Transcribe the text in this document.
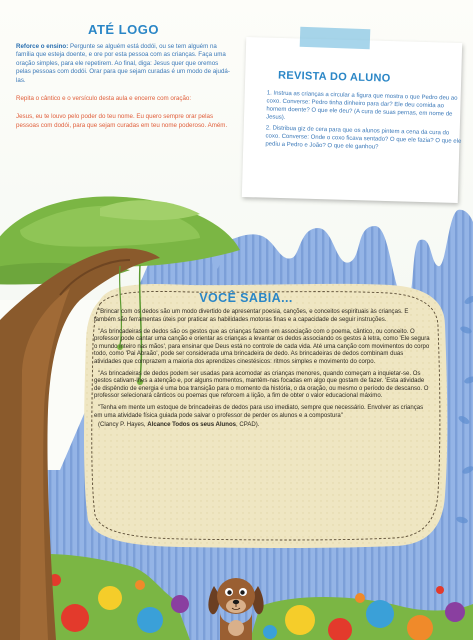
ATÉ LOGO

Reforce o ensino: Pergunte se alguém está dodói, ou se tem alguém na família que esteja doente, e ore por esta pessoa com as crianças. Faça uma oração simples, para ele repetirem. Ao final, diga: Jesus quer que oremos pelas pessoas com dodói. Orar para que sejam curadas é um modo de ajudá-las.

Repita o cântico e o versículo desta aula e encerre com oração:

Jesus, eu te louvo pelo poder do teu nome. Eu quero sempre orar pelas pessoas com dodói, para que sejam curadas em teu nome poderoso. Amém.

REVISTA DO ALUNO
1. Instrua as crianças a circular a figura que mostra o que Pedro deu ao coxo. Converse: Pedro tinha dinheiro para dar? Ele deu comida ao homem doente? O que ele deu? (A cura de suas pernas, em nome de Jesus).
2. Distribua giz de cera para que os alunos pintem a cena da cura do coxo. Converse: Onde o coxo ficava sentado? O que ele fazia? O que ele pediu a Pedro e João? O que ele ganhou?
VOCÊ SABIA...

"Brincar com os dedos são um modo divertido de apresentar poesia, canções, e conceitos espirituais às crianças. E também são ferramentas úteis por praticar as habilidades motoras finas e a capacidade de seguir instruções.

"As brincadeiras de dedos são os gestos que as crianças fazem em associação com o poema, cântico, ou conceito. O professor pode cantar uma canção e orientar as crianças a levantar os dedos associando os gestos à letra, como 'Ele segura o mundo inteiro nas mãos', para ensinar que Deus está no controle de cada vida. Até uma canção com movimentos do corpo todo, como 'Pai Abraão', pode ser considerada uma brincadeira de dedo. As brincadeiras de dedos combinam duas atividades que comprazem a maioria dos aprendizes cinestésicos: ritmos simples e movimento do corpo.

"As brincadeiras de dedos podem ser usadas para acomodar as crianças menores, quando começam a inquietar-se. Os gestos cativam-lhes a atenção e, por alguns momentos, mantêm-nas focadas em algo que gostam de fazer. 'Esta atividade de dispêndio de energia é uma boa transição para o momento da história, o da oração, ou mesmo o período de descanso. O professor selecionará cânticos ou poemas que reforcem a lição, a fim de obter o valor educacional máximo.

"Tenha em mente um estoque de brincadeiras de dedos para uso imediato, sempre que necessário. Envolver as crianças em uma atividade física guiada pode salvar o professor de perder os alunos e a compostura"

(Clancy P. Hayes, Alcance Todos os seus Alunos, CPAD).
